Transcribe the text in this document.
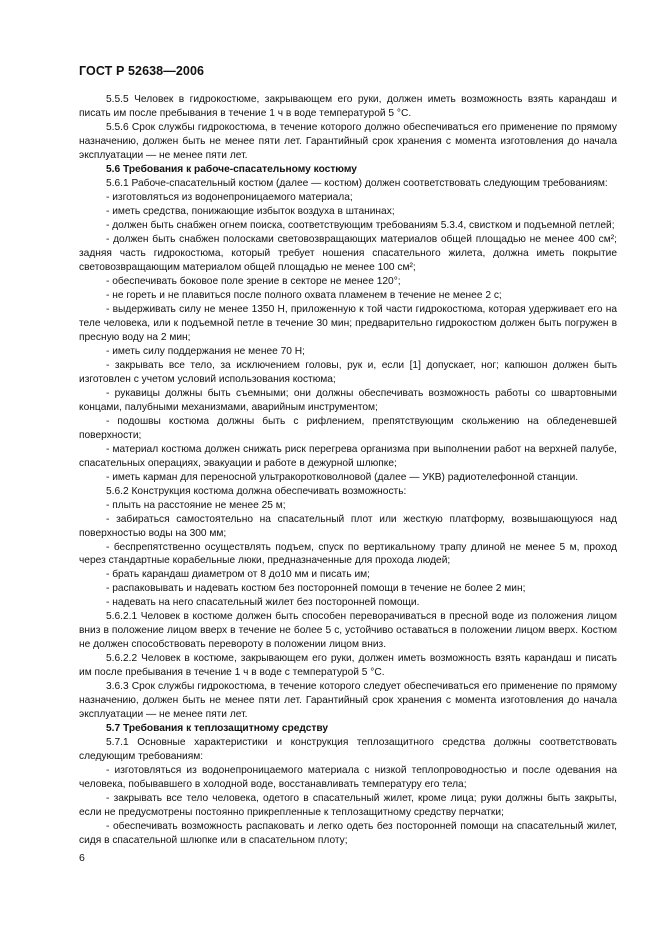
ГОСТ Р 52638—2006

5.5.5 Человек в гидрокостюме, закрывающем его руки, должен иметь возможность взять карандаш и писать им после пребывания в течение 1 ч в воде температурой 5 °С.

5.5.6 Срок службы гидрокостюма, в течение которого должно обеспечиваться его применение по прямому назначению, должен быть не менее пяти лет. Гарантийный срок хранения с момента изготовления до начала эксплуатации — не менее пяти лет.

5.6 Требования к рабоче-спасательному костюму

5.6.1 Рабоче-спасательный костюм (далее — костюм) должен соответствовать следующим требованиям:

- изготовляться из водонепроницаемого материала;

- иметь средства, понижающие избыток воздуха в штанинах;

- должен быть снабжен огнем поиска, соответствующим требованиям 5.3.4, свистком и подъемной петлей;

- должен быть снабжен полосками световозвращающих материалов общей площадью не менее 400 см²; задняя часть гидрокостюма, который требует ношения спасательного жилета, должна иметь покрытие световозвращающим материалом общей площадью не менее 100 см²;

- обеспечивать боковое поле зрение в секторе не менее 120°;

- не гореть и не плавиться после полного охвата пламенем в течение не менее 2 с;

- выдерживать силу не менее 1350 Н, приложенную к той части гидрокостюма, которая удерживает его на теле человека, или к подъемной петле в течение 30 мин; предварительно гидрокостюм должен быть погружен в пресную воду на 2 мин;

- иметь силу поддержания не менее 70 Н;

- закрывать все тело, за исключением головы, рук и, если [1] допускает, ног; капюшон должен быть изготовлен с учетом условий использования костюма;

- рукавицы должны быть съемными; они должны обеспечивать возможность работы со швартовными концами, палубными механизмами, аварийным инструментом;

- подошвы костюма должны быть с рифлением, препятствующим скольжению на обледеневшей поверхности;

- материал костюма должен снижать риск перегрева организма при выполнении работ на верхней палубе, спасательных операциях, эвакуации и работе в дежурной шлюпке;

- иметь карман для переносной ультракоротковолновой (далее — УКВ) радиотелефонной станции.

5.6.2 Конструкция костюма должна обеспечивать возможность:

- плыть на расстояние не менее 25 м;

- забираться самостоятельно на спасательный плот или жесткую платформу, возвышающуюся над поверхностью воды на 300 мм;

- беспрепятственно осуществлять подъем, спуск по вертикальному трапу длиной не менее 5 м, проход через стандартные корабельные люки, предназначенные для прохода людей;

- брать карандаш диаметром от 8 до10 мм и писать им;

- распаковывать и надевать костюм без посторонней помощи в течение не более 2 мин;

- надевать на него спасательный жилет без посторонней помощи.

5.6.2.1 Человек в костюме должен быть способен переворачиваться в пресной воде из положения лицом вниз в положение лицом вверх в течение не более 5 с, устойчиво оставаться в положении лицом вверх. Костюм не должен способствовать перевороту в положении лицом вниз.

5.6.2.2 Человек в костюме, закрывающем его руки, должен иметь возможность взять карандаш и писать им после пребывания в течение 1 ч в воде с температурой 5 °С.

3.6.3 Срок службы гидрокостюма, в течение которого следует обеспечиваться его применение по прямому назначению, должен быть не менее пяти лет. Гарантийный срок хранения с момента изготовления до начала эксплуатации — не менее пяти лет.

5.7 Требования к теплозащитному средству

5.7.1 Основные характеристики и конструкция теплозащитного средства должны соответствовать следующим требованиям:

- изготовляться из водонепроницаемого материала с низкой теплопроводностью и после одевания на человека, побывавшего в холодной воде, восстанавливать температуру его тела;

- закрывать все тело человека, одетого в спасательный жилет, кроме лица; руки должны быть закрыты, если не предусмотрены постоянно прикрепленные к теплозащитному средству перчатки;

- обеспечивать возможность распаковать и легко одеть без посторонней помощи на спасательный жилет, сидя в спасательной шлюпке или в спасательном плоту;

6
